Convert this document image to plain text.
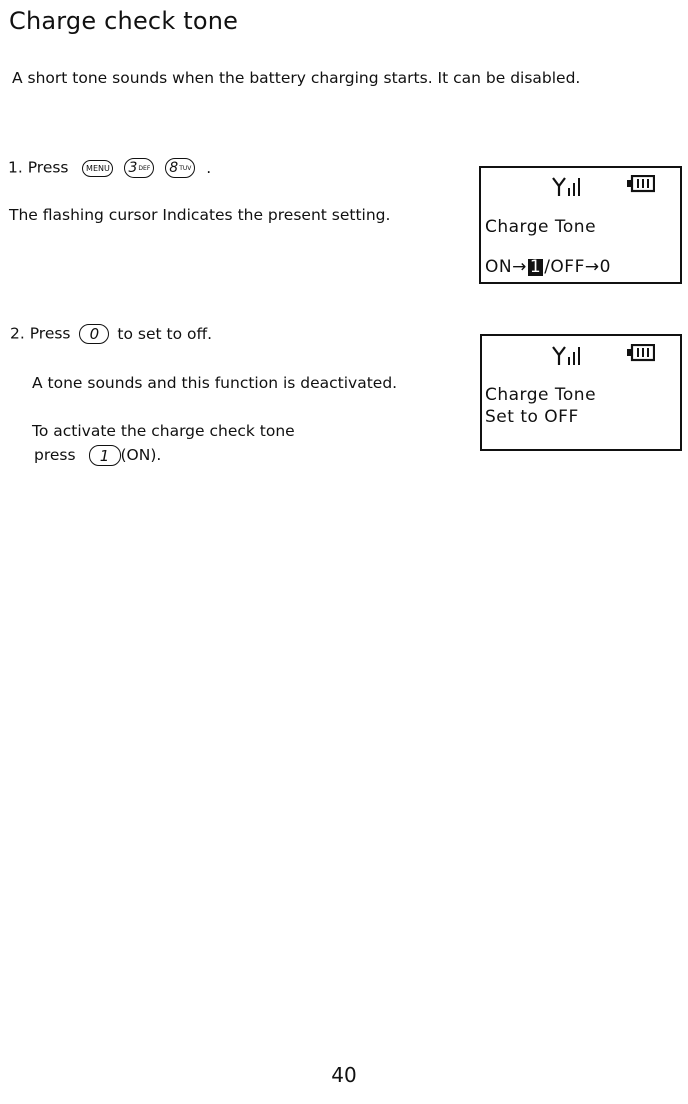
Charge check tone
A short tone sounds when the battery charging starts. It can be disabled.
1. Press MENU
3 DEF
8 TUV .
The flashing cursor Indicates the present setting.
Charge Tone
ON→ 1 /OFF→0
2. Press 0 to set to off.
A tone sounds and this function is deactivated.
To activate the charge check tone
press 1 (ON).
Charge Tone
Set to OFF
40
